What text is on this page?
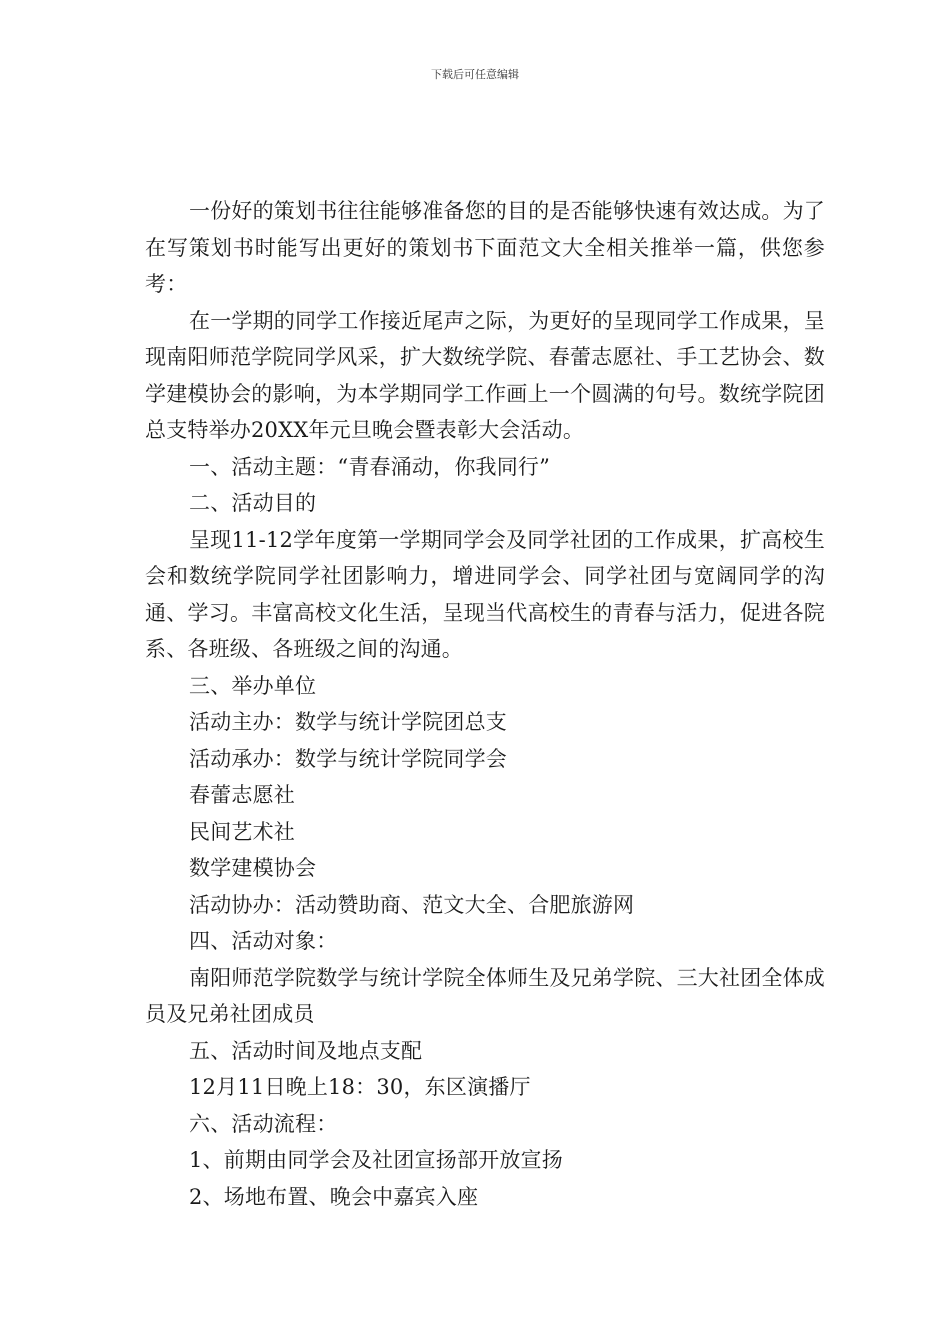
下载后可任意编辑

一份好的策划书往往能够准备您的目的是否能够快速有效达成。为了在写策划书时能写出更好的策划书下面范文大全相关推举一篇，供您参考：

在一学期的同学工作接近尾声之际，为更好的呈现同学工作成果，呈现南阳师范学院同学风采，扩大数统学院、春蕾志愿社、手工艺协会、数学建模协会的影响，为本学期同学工作画上一个圆满的句号。数统学院团总支特举办20XX年元旦晚会暨表彰大会活动。

一、活动主题：“青春涌动，你我同行”

二、活动目的

呈现11-12学年度第一学期同学会及同学社团的工作成果，扩高校生会和数统学院同学社团影响力，增进同学会、同学社团与宽阔同学的沟通、学习。丰富高校文化生活，呈现当代高校生的青春与活力，促进各院系、各班级、各班级之间的沟通。

三、举办单位

活动主办：数学与统计学院团总支

活动承办：数学与统计学院同学会

春蕾志愿社

民间艺术社

数学建模协会

活动协办：活动赞助商、范文大全、合肥旅游网

四、活动对象：

南阳师范学院数学与统计学院全体师生及兄弟学院、三大社团全体成员及兄弟社团成员

五、活动时间及地点支配

12月11日晚上18：30，东区演播厅

六、活动流程：

1、前期由同学会及社团宣扬部开放宣扬

2、场地布置、晚会中嘉宾入座
